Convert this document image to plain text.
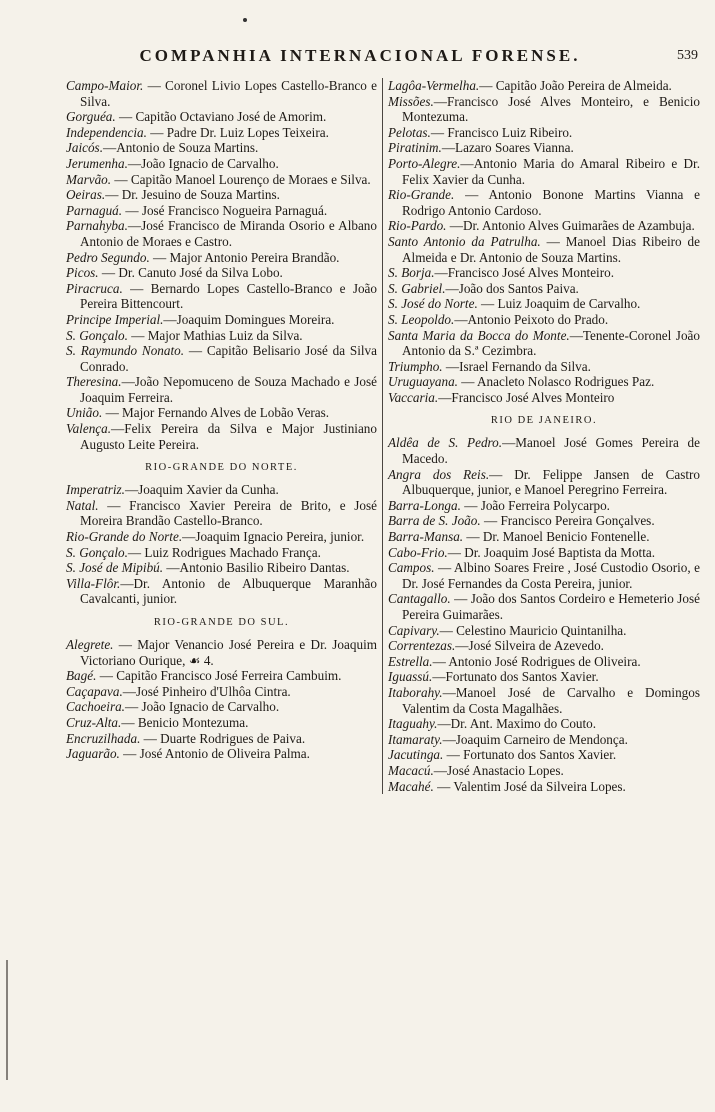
COMPANHIA INTERNACIONAL FORENSE.	539

Campo-Maior. — Coronel Livio Lopes Castello-Branco e Silva.

Gorguéa. — Capitão Octaviano José de Amorim.

Independencia. — Padre Dr. Luiz Lopes Teixeira.

Jaicós.—Antonio de Souza Martins.

Jerumenha.—João Ignacio de Carvalho.

Marvão. — Capitão Manoel Lourenço de Moraes e Silva.

Oeiras.— Dr. Jesuino de Souza Martins.

Parnaguá. — José Francisco Nogueira Parnaguá.

Parnahyba.—José Francisco de Miranda Osorio e Albano Antonio de Moraes e Castro.

Pedro Segundo. — Major Antonio Pereira Brandão.

Picos. — Dr. Canuto José da Silva Lobo.

Piracruca. — Bernardo Lopes Castello-Branco e João Pereira Bittencourt.

Principe Imperial.—Joaquim Domingues Moreira.

S. Gonçalo. — Major Mathias Luiz da Silva.

S. Raymundo Nonato. — Capitão Belisario José da Silva Conrado.

Theresina.—João Nepomuceno de Souza Machado e José Joaquim Ferreira.

União. — Major Fernando Alves de Lobão Veras.

Valença.—Felix Pereira da Silva e Major Justiniano Augusto Leite Pereira.

RIO-GRANDE DO NORTE.

Imperatriz.—Joaquim Xavier da Cunha.

Natal. — Francisco Xavier Pereira de Brito, e José Moreira Brandão Castello-Branco.

Rio-Grande do Norte.—Joaquim Ignacio Pereira, junior.

S. Gonçalo.— Luiz Rodrigues Machado França.

S. José de Mipibú. —Antonio Basilio Ribeiro Dantas.

Villa-Flôr.—Dr. Antonio de Albuquerque Maranhão Cavalcanti, junior.

RIO-GRANDE DO SUL.

Alegrete. — Major Venancio José Pereira e Dr. Joaquim Victoriano Ourique, ☙ 4.

Bagé. — Capitão Francisco José Ferreira Cambuim.

Caçapava.—José Pinheiro d'Ulhôa Cintra.

Cachoeira.— João Ignacio de Carvalho.

Cruz-Alta.— Benicio Montezuma.

Encruzilhada. — Duarte Rodrigues de Paiva.

Jaguarão. — José Antonio de Oliveira Palma.

Lagôa-Vermelha.— Capitão João Pereira de Almeida.

Missões.—Francisco José Alves Monteiro, e Benicio Montezuma.

Pelotas.— Francisco Luiz Ribeiro.

Piratinim.—Lazaro Soares Vianna.

Porto-Alegre.—Antonio Maria do Amaral Ribeiro e Dr. Felix Xavier da Cunha.

Rio-Grande. — Antonio Bonone Martins Vianna e Rodrigo Antonio Cardoso.

Rio-Pardo. —Dr. Antonio Alves Guimarães de Azambuja.

Santo Antonio da Patrulha. — Manoel Dias Ribeiro de Almeida e Dr. Antonio de Souza Martins.

S. Borja.—Francisco José Alves Monteiro.

S. Gabriel.—João dos Santos Paiva.

S. José do Norte. — Luiz Joaquim de Carvalho.

S. Leopoldo.—Antonio Peixoto do Prado.

Santa Maria da Bocca do Monte.—Tenente-Coronel João Antonio da S.ª Cezimbra.

Triumpho. —Israel Fernando da Silva.

Uruguayana. — Anacleto Nolasco Rodrigues Paz.

Vaccaria.—Francisco José Alves Monteiro

RIO DE JANEIRO.

Aldêa de S. Pedro.—Manoel José Gomes Pereira de Macedo.

Angra dos Reis.— Dr. Felippe Jansen de Castro Albuquerque, junior, e Manoel Peregrino Ferreira.

Barra-Longa. — João Ferreira Polycarpo.

Barra de S. João. — Francisco Pereira Gonçalves.

Barra-Mansa. — Dr. Manoel Benicio Fontenelle.

Cabo-Frio.— Dr. Joaquim José Baptista da Motta.

Campos. — Albino Soares Freire , José Custodio Osorio, e Dr. José Fernandes da Costa Pereira, junior.

Cantagallo. — João dos Santos Cordeiro e Hemeterio José Pereira Guimarães.

Capivary.— Celestino Mauricio Quintanilha.

Correntezas.—José Silveira de Azevedo.

Estrella.— Antonio José Rodrigues de Oliveira.

Iguassú.—Fortunato dos Santos Xavier.

Itaborahy.—Manoel José de Carvalho e Domingos Valentim da Costa Magalhães.

Itaguahy.—Dr. Ant. Maximo do Couto.

Itamaraty.—Joaquim Carneiro de Mendonça.

Jacutinga. — Fortunato dos Santos Xavier.

Macacú.—José Anastacio Lopes.

Macahé. — Valentim José da Silveira Lopes.
